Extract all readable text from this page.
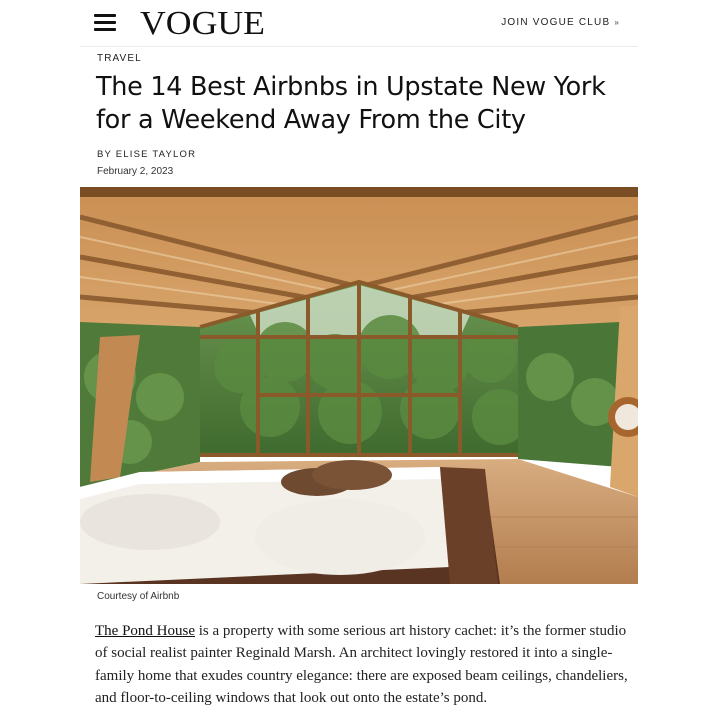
VOGUE	JOIN VOGUE CLUB »
TRAVEL
The 14 Best Airbnbs in Upstate New York for a Weekend Away From the City
BY ELISE TAYLOR
February 2, 2023
Courtesy of Airbnb

The Pond House is a property with some serious art history cachet: it’s the former studio of social realist painter Reginald Marsh. An architect lovingly restored it into a single-family home that exudes country elegance: there are exposed beam ceilings, chandeliers, and floor-to-ceiling windows that look out onto the estate’s pond.
